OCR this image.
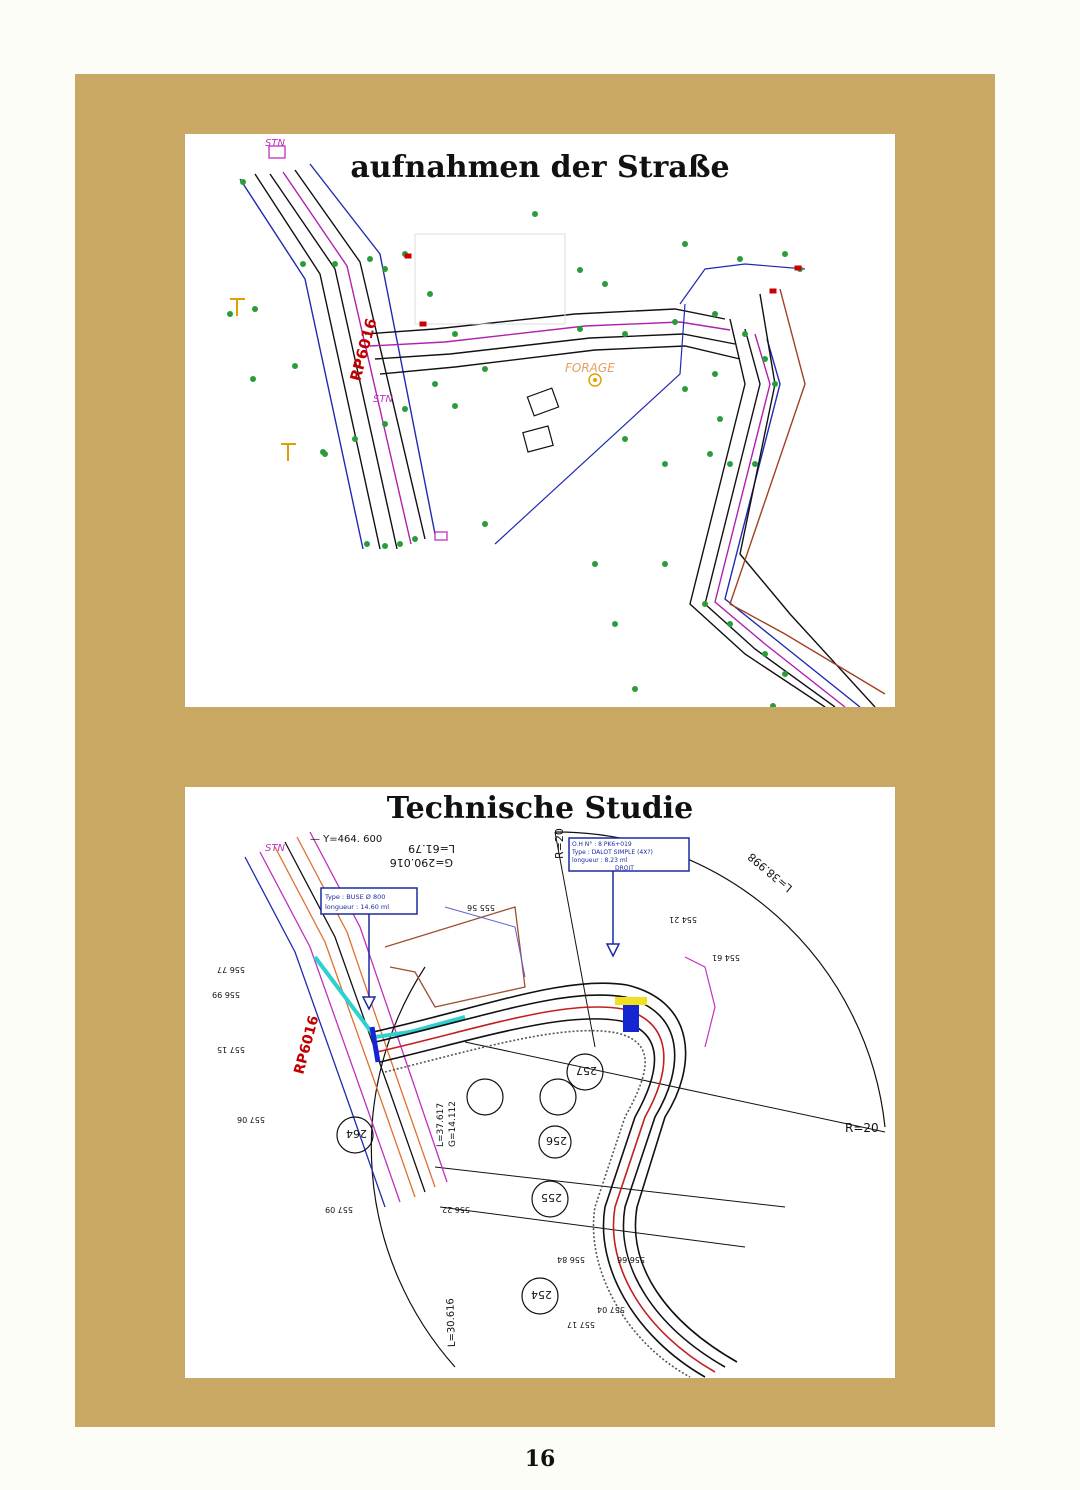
aufnahmen der Straße
RP6016	FORAGE
STN
STN
Technische Studie
254
255
256
257
264
Type : BUSE Ø 800
longueur : 14.60 ml
O.H N° : 8 PK6+019
Type : DALOT SIMPLE (4X?)
longueur : 8.23 ml
DROIT
— Y=464. 600
R=20
R=20
L=61.79
G=290.016	L=38.998
L=30.616
L=37.617 G=14.112
STN
RP6016
557 15
556 99
556 77
557 06
557 09	556 22
557 17
554 21
554 61
555 56
556 84	556 66
557 04
16
